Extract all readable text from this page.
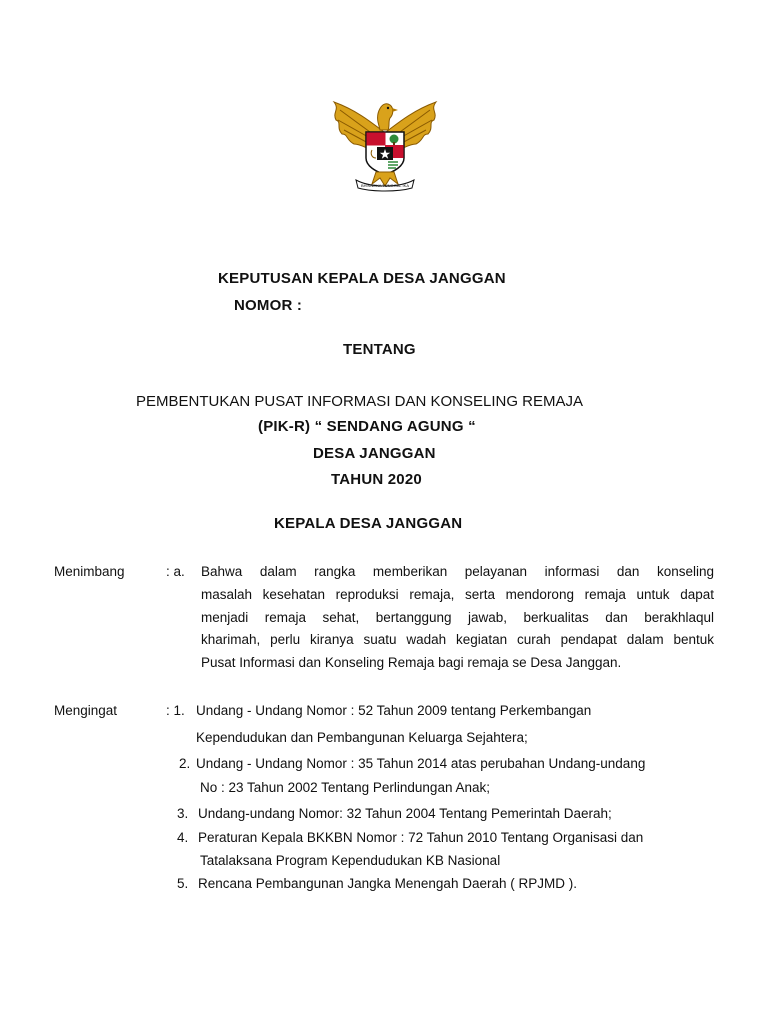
BHINNEKA TUNGGAL IKA
KEPUTUSAN KEPALA DESA JANGGAN
NOMOR :
TENTANG
PEMBENTUKAN PUSAT INFORMASI DAN KONSELING REMAJA
(PIK-R) “ SENDANG AGUNG “
DESA JANGGAN
TAHUN 2020
KEPALA DESA JANGGAN
Menimbang	: a. Bahwa dalam rangka memberikan pelayanan informasi dan konseling
masalah kesehatan reproduksi remaja, serta mendorong remaja untuk dapat
menjadi remaja sehat, bertanggung jawab, berkualitas dan berakhlaqul
kharimah, perlu kiranya suatu wadah kegiatan curah pendapat dalam bentuk
Pusat Informasi dan Konseling Remaja bagi remaja se Desa Janggan.
Mengingat	: 1. Undang - Undang Nomor : 52 Tahun 2009 tentang Perkembangan
Kependudukan dan Pembangunan Keluarga Sejahtera;
2. Undang - Undang Nomor : 35 Tahun 2014 atas perubahan Undang-undang
No : 23 Tahun 2002 Tentang Perlindungan Anak;
3. Undang-undang Nomor: 32 Tahun 2004 Tentang Pemerintah Daerah;
4. Peraturan Kepala BKKBN Nomor : 72 Tahun 2010 Tentang Organisasi dan
Tatalaksana Program Kependudukan KB Nasional
5. Rencana Pembangunan Jangka Menengah Daerah ( RPJMD ).
